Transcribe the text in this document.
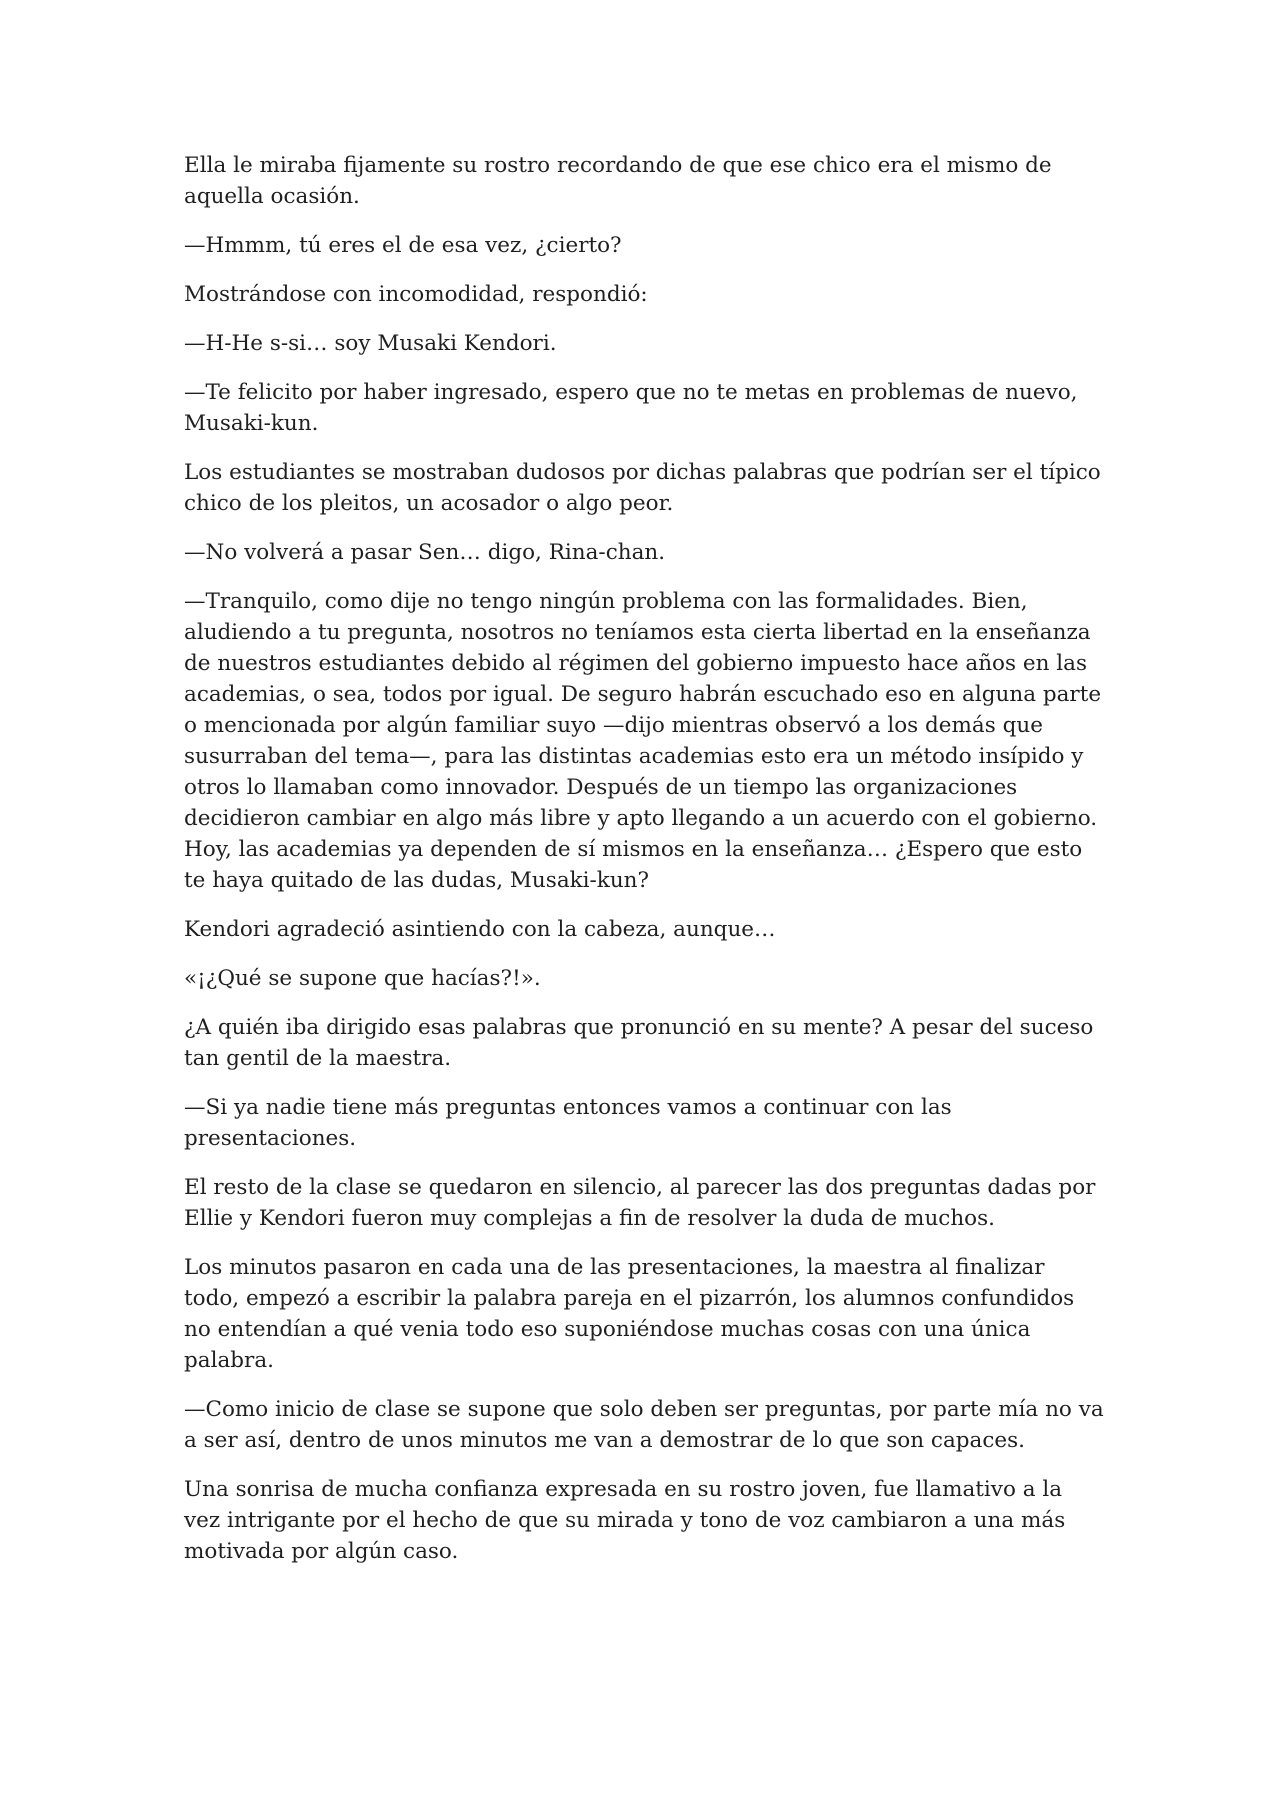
Ella le miraba fijamente su rostro recordando de que ese chico era el mismo de aquella ocasión.

—Hmmm, tú eres el de esa vez, ¿cierto?

Mostrándose con incomodidad, respondió:

—H-He s-si… soy Musaki Kendori.

—Te felicito por haber ingresado, espero que no te metas en problemas de nuevo, Musaki-kun.

Los estudiantes se mostraban dudosos por dichas palabras que podrían ser el típico chico de los pleitos, un acosador o algo peor.

—No volverá a pasar Sen… digo, Rina-chan.

—Tranquilo, como dije no tengo ningún problema con las formalidades. Bien, aludiendo a tu pregunta, nosotros no teníamos esta cierta libertad en la enseñanza de nuestros estudiantes debido al régimen del gobierno impuesto hace años en las academias, o sea, todos por igual. De seguro habrán escuchado eso en alguna parte o mencionada por algún familiar suyo —dijo mientras observó a los demás que susurraban del tema—, para las distintas academias esto era un método insípido y otros lo llamaban como innovador. Después de un tiempo las organizaciones decidieron cambiar en algo más libre y apto llegando a un acuerdo con el gobierno. Hoy, las academias ya dependen de sí mismos en la enseñanza… ¿Espero que esto te haya quitado de las dudas, Musaki-kun?

Kendori agradeció asintiendo con la cabeza, aunque…

«¡¿Qué se supone que hacías?!».

¿A quién iba dirigido esas palabras que pronunció en su mente? A pesar del suceso tan gentil de la maestra.

—Si ya nadie tiene más preguntas entonces vamos a continuar con las presentaciones.

El resto de la clase se quedaron en silencio, al parecer las dos preguntas dadas por Ellie y Kendori fueron muy complejas a fin de resolver la duda de muchos.

Los minutos pasaron en cada una de las presentaciones, la maestra al finalizar todo, empezó a escribir la palabra pareja en el pizarrón, los alumnos confundidos no entendían a qué venia todo eso suponiéndose muchas cosas con una única palabra.

—Como inicio de clase se supone que solo deben ser preguntas, por parte mía no va a ser así, dentro de unos minutos me van a demostrar de lo que son capaces.

Una sonrisa de mucha confianza expresada en su rostro joven, fue llamativo a la vez intrigante por el hecho de que su mirada y tono de voz cambiaron a una más motivada por algún caso.
